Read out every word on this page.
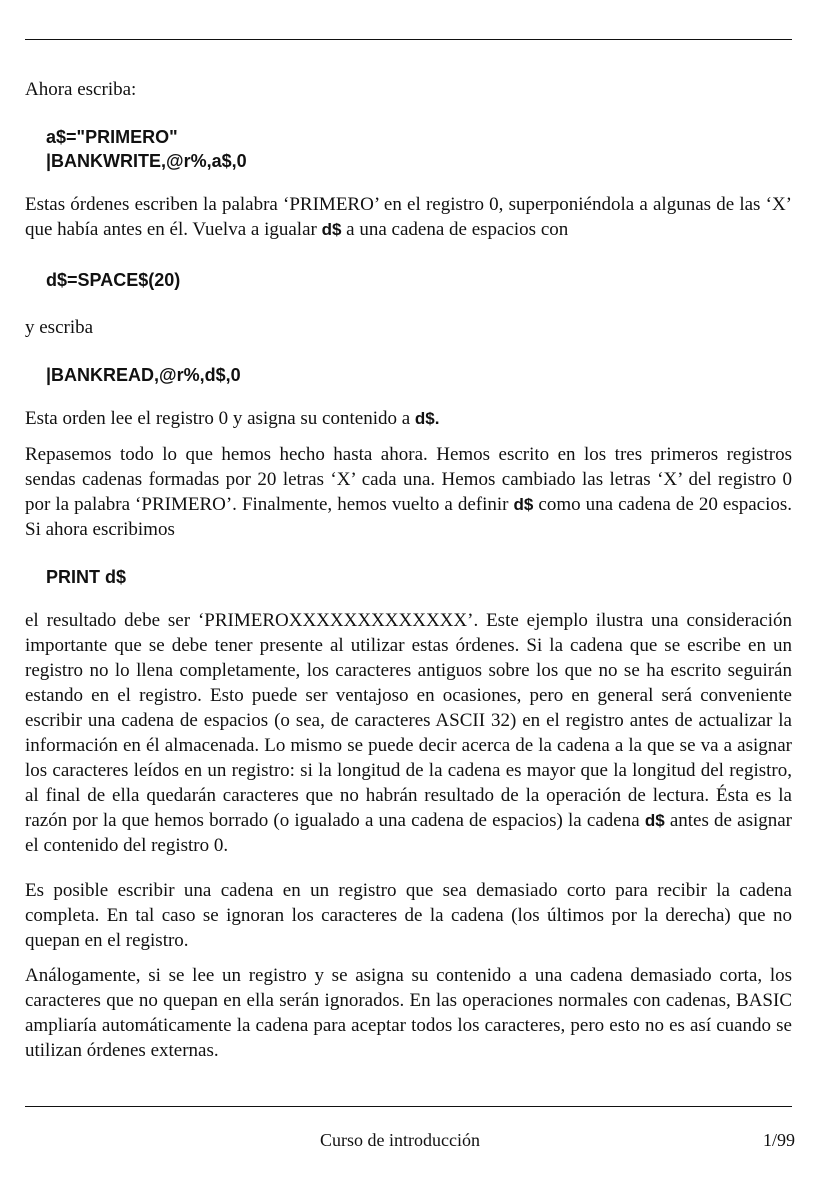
Ahora escriba:

a$="PRIMERO"

|BANKWRITE,@r%,a$,0

Estas órdenes escriben la palabra ‘PRIMERO’ en el registro 0, superponiéndola a algunas de las ‘X’ que había antes en él. Vuelva a igualar d$ a una cadena de espacios con

d$=SPACE$(20)

y escriba

|BANKREAD,@r%,d$,0

Esta orden lee el registro 0 y asigna su contenido a d$.

Repasemos todo lo que hemos hecho hasta ahora. Hemos escrito en los tres primeros registros sendas cadenas formadas por 20 letras ‘X’ cada una. Hemos cambiado las letras ‘X’ del registro 0 por la palabra ‘PRIMERO’. Finalmente, hemos vuelto a definir d$ como una cadena de 20 espacios. Si ahora escribimos

PRINT d$

el resultado debe ser ‘PRIMEROXXXXXXXXXXXXX’. Este ejemplo ilustra una consideración importante que se debe tener presente al utilizar estas órdenes. Si la cadena que se escribe en un registro no lo llena completamente, los caracteres antiguos sobre los que no se ha escrito seguirán estando en el registro. Esto puede ser ventajoso en ocasiones, pero en general será conveniente escribir una cadena de espacios (o sea, de caracteres ASCII 32) en el registro antes de actualizar la información en él almacenada. Lo mismo se puede decir acerca de la cadena a la que se va a asignar los caracteres leídos en un registro: si la longitud de la cadena es mayor que la longitud del registro, al final de ella quedarán caracteres que no habrán resultado de la operación de lectura. Ésta es la razón por la que hemos borrado (o igualado a una cadena de espacios) la cadena d$ antes de asignar el contenido del registro 0.

Es posible escribir una cadena en un registro que sea demasiado corto para recibir la cadena completa. En tal caso se ignoran los caracteres de la cadena (los últimos por la derecha) que no quepan en el registro.

Análogamente, si se lee un registro y se asigna su contenido a una cadena demasiado corta, los caracteres que no quepan en ella serán ignorados. En las operaciones normales con cadenas, BASIC ampliaría automáticamente la cadena para aceptar todos los caracteres, pero esto no es así cuando se utilizan órdenes externas.

Curso de introducción	1/99
